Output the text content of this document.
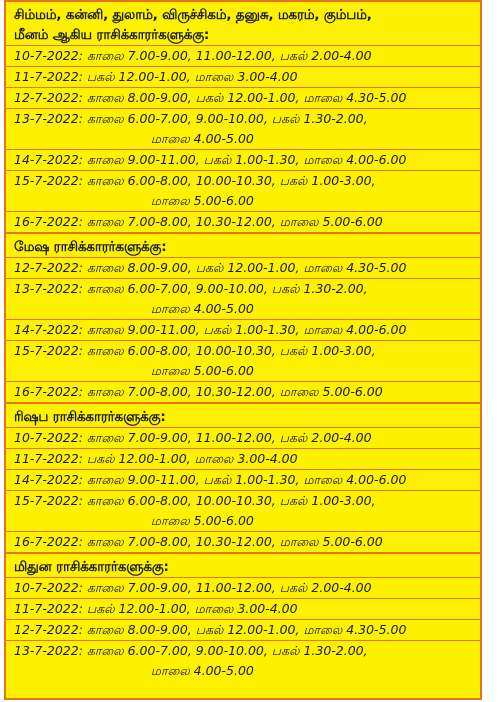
சிம்மம், கன்னி, துலாம், விருச்சிகம், தனுசு, மகரம், கும்பம்,
மீனம் ஆகிய ராசிக்காரர்களுக்கு:
10-7-2022: காலை 7.00-9.00, 11.00-12.00, பகல் 2.00-4.00
11-7-2022: பகல் 12.00-1.00, மாலை 3.00-4.00
12-7-2022: காலை 8.00-9.00, பகல் 12.00-1.00, மாலை 4.30-5.00
13-7-2022: காலை 6.00-7.00, 9.00-10.00, பகல் 1.30-2.00,
மாலை 4.00-5.00
14-7-2022: காலை 9.00-11.00, பகல் 1.00-1.30, மாலை 4.00-6.00
15-7-2022: காலை 6.00-8.00, 10.00-10.30, பகல் 1.00-3.00,
மாலை 5.00-6.00
16-7-2022: காலை 7.00-8.00, 10.30-12.00, மாலை 5.00-6.00
மேஷ ராசிக்காரர்களுக்கு:
12-7-2022: காலை 8.00-9.00, பகல் 12.00-1.00, மாலை 4.30-5.00
13-7-2022: காலை 6.00-7.00, 9.00-10.00, பகல் 1.30-2.00,
மாலை 4.00-5.00
14-7-2022: காலை 9.00-11.00, பகல் 1.00-1.30, மாலை 4.00-6.00
15-7-2022: காலை 6.00-8.00, 10.00-10.30, பகல் 1.00-3.00,
மாலை 5.00-6.00
16-7-2022: காலை 7.00-8.00, 10.30-12.00, மாலை 5.00-6.00
ரிஷப ராசிக்காரர்களுக்கு:
10-7-2022: காலை 7.00-9.00, 11.00-12.00, பகல் 2.00-4.00
11-7-2022: பகல் 12.00-1.00, மாலை 3.00-4.00
14-7-2022: காலை 9.00-11.00, பகல் 1.00-1.30, மாலை 4.00-6.00
15-7-2022: காலை 6.00-8.00, 10.00-10.30, பகல் 1.00-3.00,
மாலை 5.00-6.00
16-7-2022: காலை 7.00-8.00, 10.30-12.00, மாலை 5.00-6.00
மிதுன ராசிக்காரர்களுக்கு:
10-7-2022: காலை 7.00-9.00, 11.00-12.00, பகல் 2.00-4.00
11-7-2022: பகல் 12.00-1.00, மாலை 3.00-4.00
12-7-2022: காலை 8.00-9.00, பகல் 12.00-1.00, மாலை 4.30-5.00
13-7-2022: காலை 6.00-7.00, 9.00-10.00, பகல் 1.30-2.00,
மாலை 4.00-5.00
